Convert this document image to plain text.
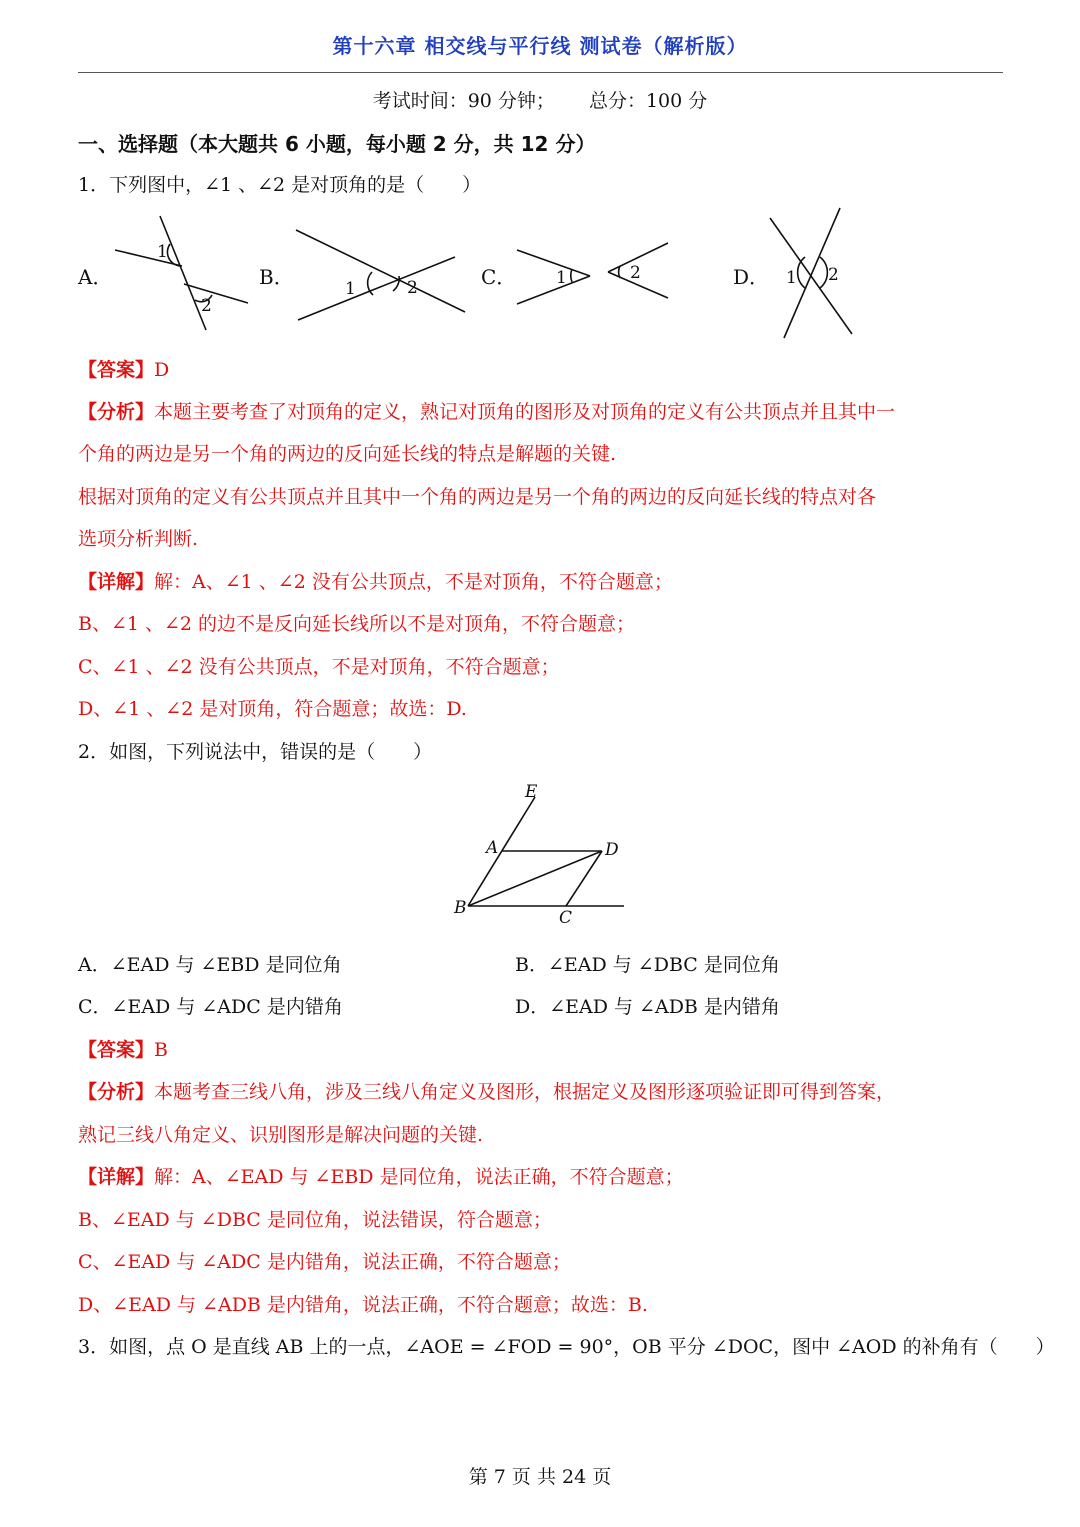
第十六章 相交线与平行线 测试卷（解析版）
考试时间：90 分钟； 总分：100 分
一、选择题（本大题共 6 小题，每小题 2 分，共 12 分）
1．下列图中，∠1 、∠2 是对顶角的是（　　）
A．	B．	C．	D．
1
2
1	2	1	2	1 2
【答案】D
【分析】本题主要考查了对顶角的定义，熟记对顶角的图形及对顶角的定义有公共顶点并且其中一
个角的两边是另一个角的两边的反向延长线的特点是解题的关键.
根据对顶角的定义有公共顶点并且其中一个角的两边是另一个角的两边的反向延长线的特点对各
选项分析判断.
【详解】解：A、∠1 、∠2 没有公共顶点，不是对顶角，不符合题意；
B、∠1 、∠2 的边不是反向延长线所以不是对顶角，不符合题意；
C、∠1 、∠2 没有公共顶点，不是对顶角，不符合题意；
D、∠1 、∠2 是对顶角，符合题意；故选：D.
2．如图，下列说法中，错误的是（　　）
E
A	D
B	C
A．∠EAD 与 ∠EBD 是同位角	B．∠EAD 与 ∠DBC 是同位角
C．∠EAD 与 ∠ADC 是内错角	D．∠EAD 与 ∠ADB 是内错角
【答案】B
【分析】本题考查三线八角，涉及三线八角定义及图形，根据定义及图形逐项验证即可得到答案，
熟记三线八角定义、识别图形是解决问题的关键.
【详解】解：A、∠EAD 与 ∠EBD 是同位角，说法正确，不符合题意；
B、∠EAD 与 ∠DBC 是同位角，说法错误，符合题意；
C、∠EAD 与 ∠ADC 是内错角，说法正确，不符合题意；
D、∠EAD 与 ∠ADB 是内错角，说法正确，不符合题意；故选：B.
3．如图，点 O 是直线 AB 上的一点，∠AOE = ∠FOD = 90°，OB 平分 ∠DOC，图中 ∠AOD 的补角有（　　）
第 7 页 共 24 页
